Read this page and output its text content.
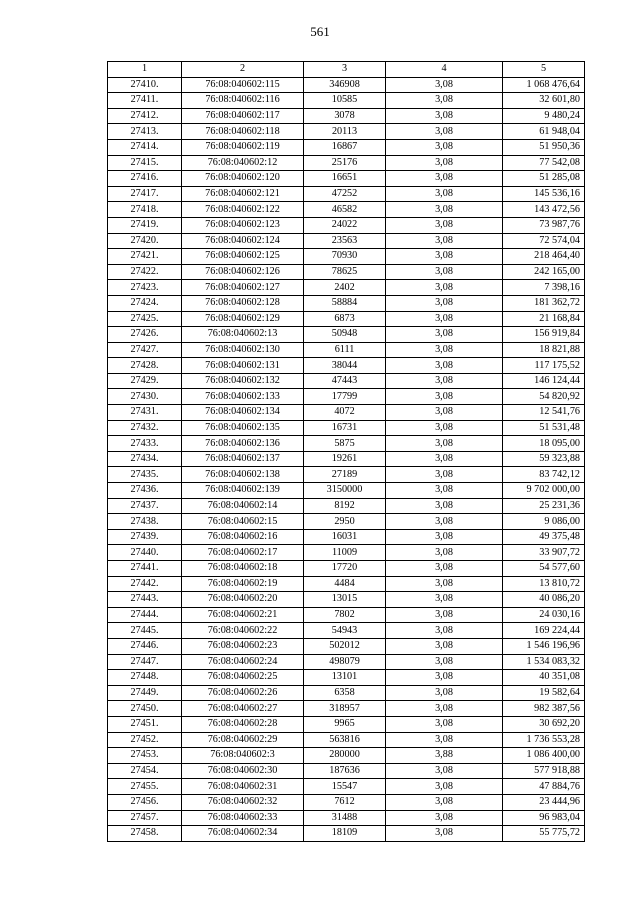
561
1	2	3	4	5
27410.	76:08:040602:115	346908	3,08	1 068 476,64
27411.	76:08:040602:116	10585	3,08	32 601,80
27412.	76:08:040602:117	3078	3,08	9 480,24
27413.	76:08:040602:118	20113	3,08	61 948,04
27414.	76:08:040602:119	16867	3,08	51 950,36
27415.	76:08:040602:12	25176	3,08	77 542,08
27416.	76:08:040602:120	16651	3,08	51 285,08
27417.	76:08:040602:121	47252	3,08	145 536,16
27418.	76:08:040602:122	46582	3,08	143 472,56
27419.	76:08:040602:123	24022	3,08	73 987,76
27420.	76:08:040602:124	23563	3,08	72 574,04
27421.	76:08:040602:125	70930	3,08	218 464,40
27422.	76:08:040602:126	78625	3,08	242 165,00
27423.	76:08:040602:127	2402	3,08	7 398,16
27424.	76:08:040602:128	58884	3,08	181 362,72
27425.	76:08:040602:129	6873	3,08	21 168,84
27426.	76:08:040602:13	50948	3,08	156 919,84
27427.	76:08:040602:130	6111	3,08	18 821,88
27428.	76:08:040602:131	38044	3,08	117 175,52
27429.	76:08:040602:132	47443	3,08	146 124,44
27430.	76:08:040602:133	17799	3,08	54 820,92
27431.	76:08:040602:134	4072	3,08	12 541,76
27432.	76:08:040602:135	16731	3,08	51 531,48
27433.	76:08:040602:136	5875	3,08	18 095,00
27434.	76:08:040602:137	19261	3,08	59 323,88
27435.	76:08:040602:138	27189	3,08	83 742,12
27436.	76:08:040602:139	3150000	3,08	9 702 000,00
27437.	76:08:040602:14	8192	3,08	25 231,36
27438.	76:08:040602:15	2950	3,08	9 086,00
27439.	76:08:040602:16	16031	3,08	49 375,48
27440.	76:08:040602:17	11009	3,08	33 907,72
27441.	76:08:040602:18	17720	3,08	54 577,60
27442.	76:08:040602:19	4484	3,08	13 810,72
27443.	76:08:040602:20	13015	3,08	40 086,20
27444.	76:08:040602:21	7802	3,08	24 030,16
27445.	76:08:040602:22	54943	3,08	169 224,44
27446.	76:08:040602:23	502012	3,08	1 546 196,96
27447.	76:08:040602:24	498079	3,08	1 534 083,32
27448.	76:08:040602:25	13101	3,08	40 351,08
27449.	76:08:040602:26	6358	3,08	19 582,64
27450.	76:08:040602:27	318957	3,08	982 387,56
27451.	76:08:040602:28	9965	3,08	30 692,20
27452.	76:08:040602:29	563816	3,08	1 736 553,28
27453.	76:08:040602:3	280000	3,88	1 086 400,00
27454.	76:08:040602:30	187636	3,08	577 918,88
27455.	76:08:040602:31	15547	3,08	47 884,76
27456.	76:08:040602:32	7612	3,08	23 444,96
27457.	76:08:040602:33	31488	3,08	96 983,04
27458.	76:08:040602:34	18109	3,08	55 775,72
